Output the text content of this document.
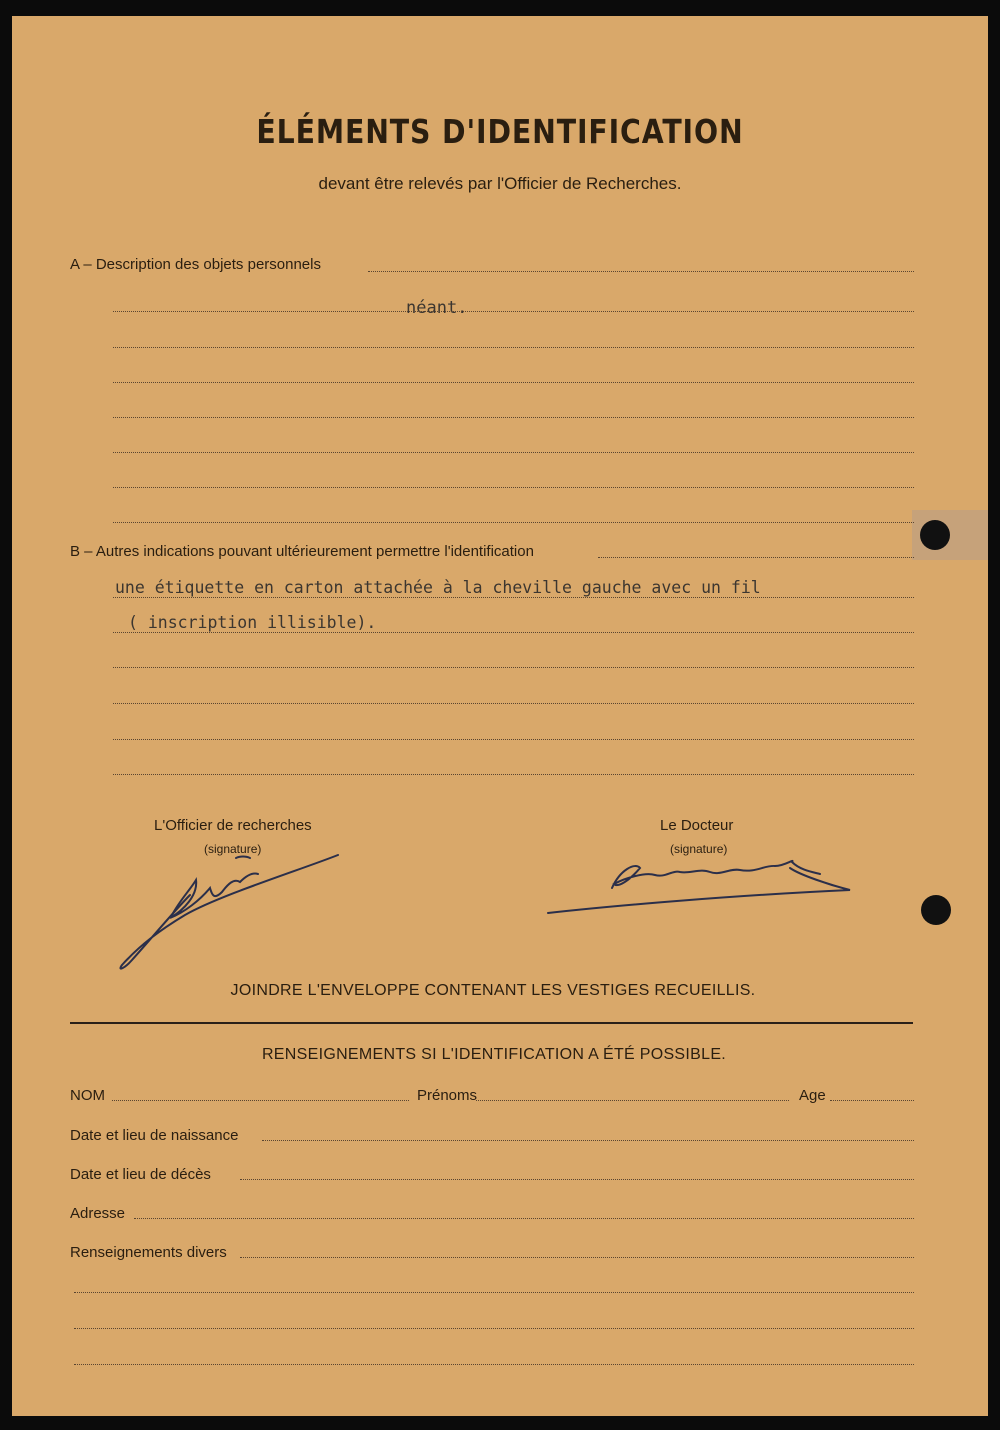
ÉLÉMENTS D'IDENTIFICATION
devant être relevés par l'Officier de Recherches.
A – Description des objets personnels
néant.
B – Autres indications pouvant ultérieurement permettre l'identification
une étiquette en carton attachée à la cheville gauche avec un fil
( inscription illisible).
L'Officier de recherches
(signature)
Le Docteur
(signature)
JOINDRE L'ENVELOPPE CONTENANT LES VESTIGES RECUEILLIS.
RENSEIGNEMENTS SI L'IDENTIFICATION A ÉTÉ POSSIBLE.
NOM	Prénoms	Age
Date et lieu de naissance
Date et lieu de décès
Adresse
Renseignements divers
